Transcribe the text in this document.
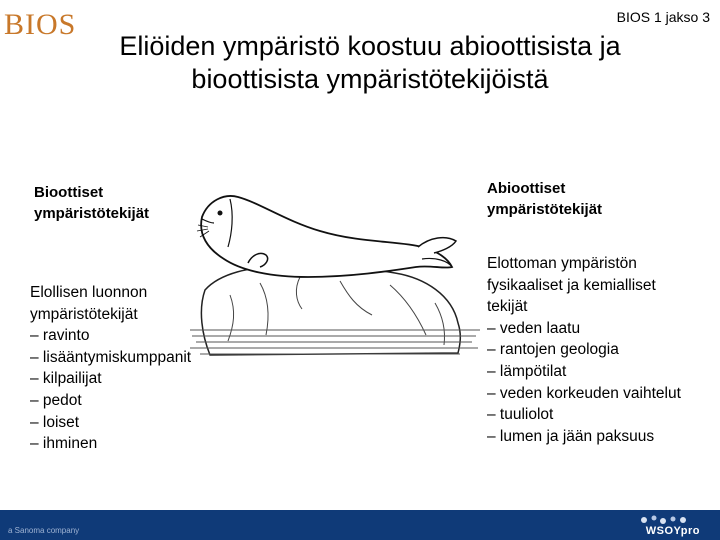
BIOS	BIOS 1 jakso 3
Eliöiden ympäristö koostuu abioottisista ja
bioottisista ympäristötekijöistä
Bioottiset
ympäristötekijät
Elollisen luonnon
ympäristötekijät
– ravinto
– lisääntymiskumppanit
– kilpailijat
– pedot
– loiset
– ihminen
Abioottiset
ympäristötekijät
Elottoman ympäristön
fysikaaliset ja kemialliset
tekijät
– veden laatu
– rantojen geologia
– lämpötilat
– veden korkeuden vaihtelut
– tuuliolot
– lumen ja jään paksuus
a Sanoma company	WSOYpro
